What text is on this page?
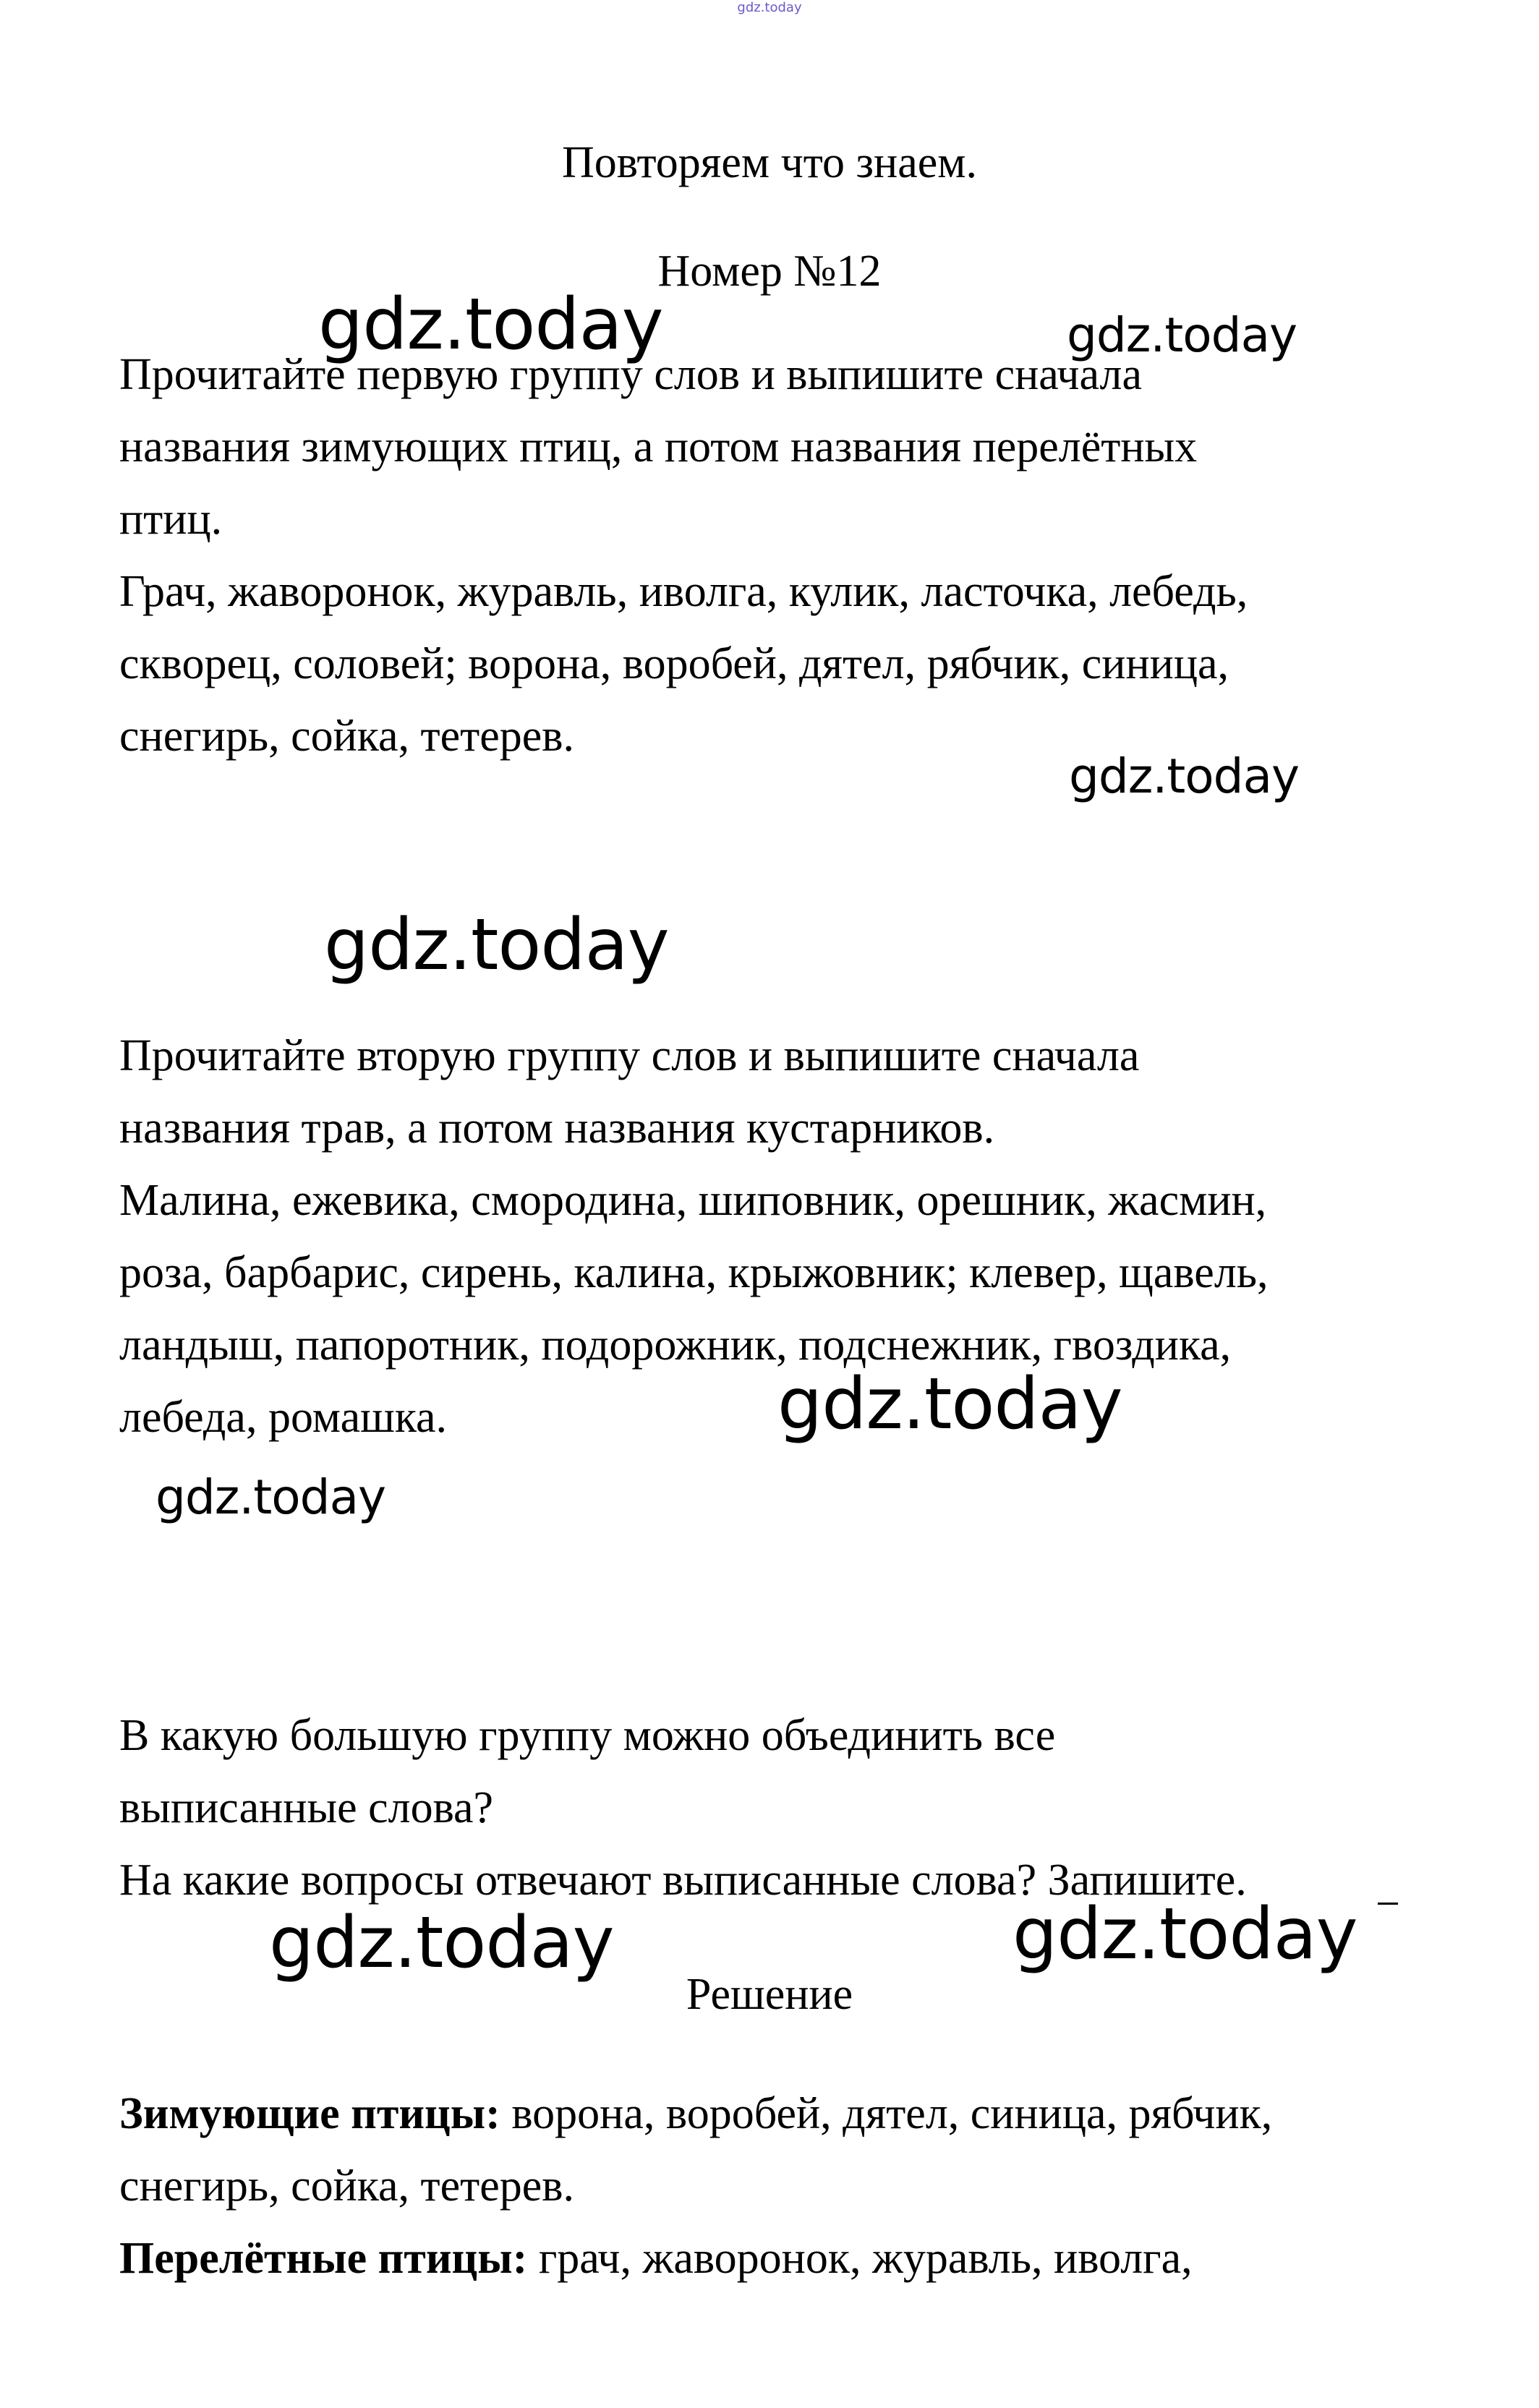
gdz.today
Повторяем что знаем.
Номер №12
Прочитайте первую группу слов и выпишите сначала
названия зимующих птиц, а потом названия перелётных
птиц.
Грач, жаворонок, журавль, иволга, кулик, ласточка, лебедь,
скворец, соловей; ворона, воробей, дятел, рябчик, синица,
снегирь, сойка, тетерев.
Прочитайте вторую группу слов и выпишите сначала
названия трав, а потом названия кустарников.
Малина, ежевика, смородина, шиповник, орешник, жасмин,
роза, барбарис, сирень, калина, крыжовник; клевер, щавель,
ландыш, папоротник, подорожник, подснежник, гвоздика,
лебеда, ромашка.
В какую большую группу можно объединить все
выписанные слова?
На какие вопросы отвечают выписанные слова? Запишите.
Решение
Зимующие птицы: ворона, воробей, дятел, синица, рябчик,
снегирь, сойка, тетерев.
Перелётные птицы: грач, жаворонок, журавль, иволга,
gdz.today	gdz.today
gdz.today
gdz.today
gdz.today
gdz.today
gdz.today	gdz.today
